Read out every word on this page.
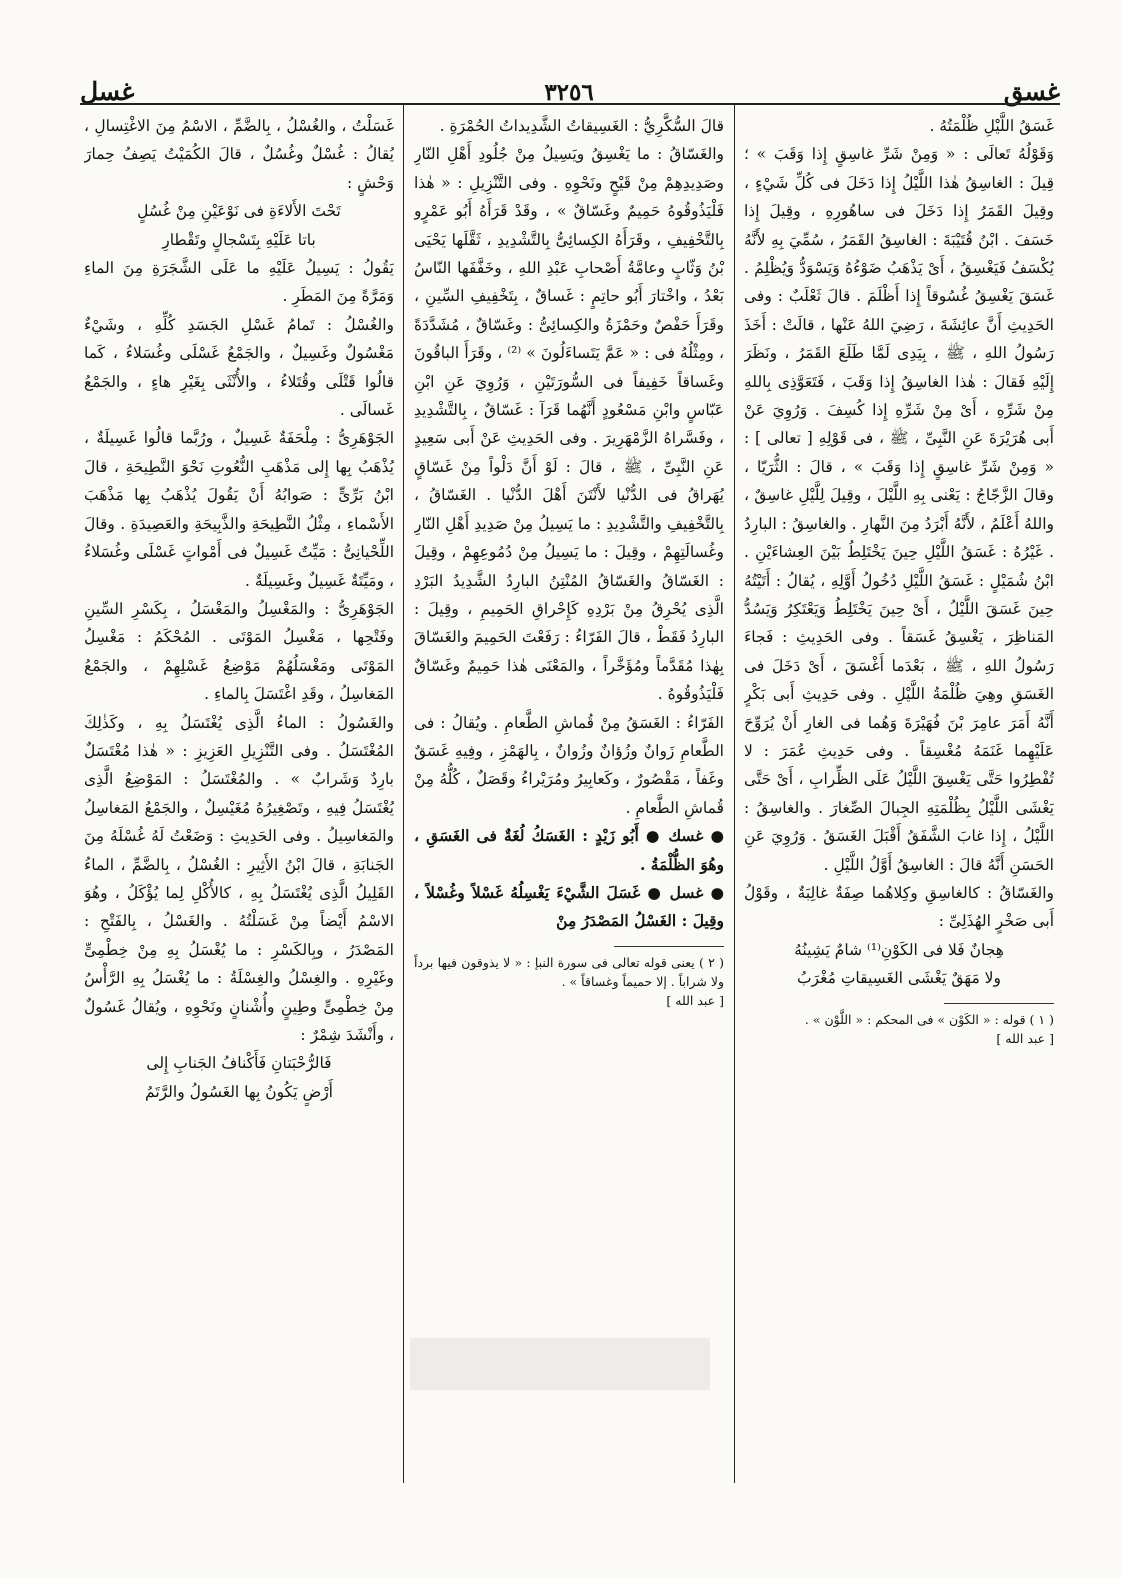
غسل	٣٢٥٦	غسق

غَسَقُ اللَّيْلِ ظُلْمَتُهُ .

وَقَوْلُهُ تَعالَى : « وَمِنْ شَرِّ غاسِقٍ إِذا وَقَبَ » ؛ قِيلَ : الغاسِقُ هٰذا اللَّيْلُ إِذا دَخَلَ فى كُلِّ شَيْءٍ ، وقِيلَ القَمَرُ إِذا دَخَلَ فى ساهُورِهِ ، وقِيلَ إِذا خَسَفَ . ابْنُ قُتَيْبَةَ : الغاسِقُ القَمَرُ ، سُمِّيَ بِهِ لأَنَّهُ يُكْسَفُ فَيَغْسِقُ ، أَىْ يَذْهَبُ ضَوْءُهُ وَيَسْوَدُّ وَيُظْلِمُ . غَسَقَ يَغْسِقُ غُسُوقاً إِذا أَظْلَمَ . قالَ ثَعْلَبٌ : وفى الحَدِيثِ أَنَّ عائِشَةَ ، رَضِيَ اللهُ عَنْها ، قالَتْ : أَخَذَ رَسُولُ اللهِ ، ﷺ ، بِيَدِى لَمَّا طَلَعَ القَمَرُ ، ونَظَرَ إِلَيْهِ فَقالَ : هٰذا الغاسِقُ إِذا وَقَبَ ، فَتَعَوَّذِى بِاللهِ مِنْ شَرِّهِ ، أَىْ مِنْ شَرِّهِ إِذا كُسِفَ . وَرُوِيَ عَنْ أَبى هُرَيْرَةَ عَنِ النَّبِىِّ ، ﷺ ، فى قَوْلِهِ [ تعالى ] : « وَمِنْ شَرِّ غاسِقٍ إِذا وَقَبَ » ، قالَ : الثُّرَيّا ، وقالَ الزَّجّاجُ : يَعْنى بِهِ اللَّيْلَ ، وقِيلَ لِلَّيْلِ غاسِقٌ ، واللهُ أَعْلَمُ ، لأَنَّهُ أَبْرَدُ مِنَ النَّهارِ . والغاسِقُ : البارِدُ . غَيْرُهُ : غَسَقُ اللَّيْلِ حِينَ يَخْتَلِطُ بَيْنَ العِشاءَيْنِ . ابْنُ شُمَيْلٍ : غَسَقُ اللَّيْلِ دُخُولُ أَوَّلِهِ ، يُقالُ : أَتَيْتُهُ حِينَ غَسَقَ اللَّيْلُ ، أَىْ حِينَ يَخْتَلِطُ وَيَعْتَكِرُ وَيَسُدُّ المَناظِرَ ، يَغْسِقُ غَسَقاً . وفى الحَدِيثِ : فَجاءَ رَسُولُ اللهِ ، ﷺ ، بَعْدَما أَغْسَقَ ، أَىْ دَخَلَ فى الغَسَقِ وهِيَ ظُلْمَةُ اللَّيْلِ . وفى حَدِيثِ أَبى بَكْرٍ أَنَّهُ أَمَرَ عامِرَ بْنَ فُهَيْرَةَ وَهُما فى الغارِ أَنْ يُرَوِّحَ عَلَيْهِما غَنَمَهُ مُغْسِقاً . وفى حَدِيثِ عُمَرَ : لا تُفْطِرُوا حَتَّى يَغْسِقَ اللَّيْلُ عَلَى الظِّرابِ ، أَىْ حَتَّى يَغْشَى اللَّيْلُ بِظُلْمَتِهِ الجِبالَ الصِّغارَ . والغاسِقُ : اللَّيْلُ ، إِذا غابَ الشَّفَقُ أَقْبَلَ الغَسَقُ . وَرُوِيَ عَنِ الحَسَنِ أَنَّهُ قالَ : الغاسِقُ أَوَّلُ اللَّيْلِ .

والغَسّاقُ : كالغاسِقِ وكِلاهُما صِفَةٌ غالِبَةٌ ، وقَوْلُ أَبى صَخْرٍ الهُذَلِىِّ :

هِجانٌ فَلا فى الكَوْنِ⁽¹⁾ شامٌ يَشِينُهُ

ولا مَهَقٌ يَغْشَى الغَسِيقاتِ مُغْرَبُ

( ١ ) قوله : « الكَوْن » فى المحكم : « اللَّوْن » .

[ عبد الله ]

قالَ السُّكَّرِيُّ : الغَسِيقاتُ الشَّدِيداتُ الحُمْرَةِ .

والغَسّاقُ : ما يَغْسِقُ ويَسِيلُ مِنْ جُلُودِ أَهْلِ النّارِ وصَدِيدِهِمْ مِنْ قَيْحٍ ونَحْوِهِ . وفى التَّنْزِيلِ : « هٰذا فَلْيَذُوقُوهُ حَمِيمٌ وغَسّاقٌ » ، وقَدْ قَرَأَهُ أَبُو عَمْرٍو بِالتَّخْفِيفِ ، وقَرَأَهُ الكِسائِىُّ بِالتَّشْدِيدِ ، ثَقَّلَها يَحْيَى بْنُ وَثّابٍ وعامَّةُ أَصْحابِ عَبْدِ اللهِ ، وخَفَّفَها النّاسُ بَعْدُ ، واخْتارَ أَبُو حاتِمٍ : غَساقٌ ، بِتَخْفِيفِ السِّينِ ، وقَرَأَ حَفْصٌ وحَمْزَةُ والكِسائِىُّ : وغَسّاقٌ ، مُشَدَّدَةً ، ومِثْلُهُ فى : « عَمَّ يَتَساءَلُونَ » ⁽²⁾ ، وقَرَأَ الباقُونَ وغَساقاً خَفِيفاً فى السُّورَتَيْنِ ، وَرُوِيَ عَنِ ابْنِ عَبّاسٍ وابْنِ مَسْعُودٍ أَنَّهُما قَرَآ : غَسّاقٌ ، بِالتَّشْدِيدِ ، وفَسَّراهُ الزَّمْهَرِيرَ . وفى الحَدِيثِ عَنْ أَبى سَعِيدٍ عَنِ النَّبِىِّ ، ﷺ ، قالَ : لَوْ أَنَّ دَلْواً مِنْ غَسّاقٍ يُهَراقُ فى الدُّنْيا لأَنْتَنَ أَهْلَ الدُّنْيا . الغَسّاقُ ، بِالتَّخْفِيفِ والتَّشْدِيدِ : ما يَسِيلُ مِنْ صَدِيدِ أَهْلِ النّارِ وغُسالَتِهِمْ ، وقِيلَ : ما يَسِيلُ مِنْ دُمُوعِهِمْ ، وقِيلَ : الغَسّاقُ والغَسّاقُ المُنْتِنُ البارِدُ الشَّدِيدُ البَرْدِ الَّذِى يُحْرِقُ مِنْ بَرْدِهِ كَإِحْراقِ الحَمِيمِ ، وقِيلَ : البارِدُ فَقَطْ ، قالَ الفَرّاءُ : رَفَعْتَ الحَمِيمَ والغَسّاقَ بِهٰذا مُقَدَّماً ومُؤَخَّراً ، والمَعْنَى هٰذا حَمِيمٌ وغَسّاقٌ فَلْيَذُوقُوهُ .

الفَرّاءُ : الغَسَقُ مِنْ قُماشِ الطَّعامِ . ويُقالُ : فى الطَّعامِ زَوانٌ وزُؤانٌ وزُوانٌ ، بِالهَمْزِ ، وفِيهِ غَسَقٌ وغَفاً ، مَقْصُورٌ ، وكَعابِيرُ ومُرَيْراءُ وقَصَلٌ ، كُلُّهُ مِنْ قُماشِ الطَّعامِ .

● غسك ● أَبُو زَيْدٍ : الغَسَكُ لُغَةٌ فى الغَسَقِ ، وهُوَ الظُّلْمَةُ .

● غسل ● غَسَلَ الشَّيْءَ يَغْسِلُهُ غَسْلاً وغُسْلاً ، وقِيلَ : الغَسْلُ المَصْدَرُ مِنْ

( ٢ ) يعنى قوله تعالى فى سورة النبإ : « لا يذوقون فيها برداً ولا شراباً . إلا حميماً وغساقاً » .

[ عبد الله ]

غَسَلْتُ ، والغُسْلُ ، بِالضَّمِّ ، الاسْمُ مِنَ الاغْتِسالِ ، يُقالُ : غُسْلٌ وغُسُلٌ ، قالَ الكُمَيْتُ يَصِفُ حِمارَ وَحْشٍ :

تَحْتَ الأَلاءَةِ فى نَوْعَيْنِ مِنْ غُسُلٍ

باتا عَلَيْهِ بِتَسْجالٍ وتَقْطارِ

يَقُولُ : يَسِيلُ عَلَيْهِ ما عَلَى الشَّجَرَةِ مِنَ الماءِ وَمَرَّةً مِنَ المَطَرِ .

والغُسْلُ : تَمامُ غَسْلِ الجَسَدِ كُلِّهِ ، وشَيْءٌ مَغْسُولٌ وغَسِيلٌ ، والجَمْعُ غَسْلَى وغُسَلاءُ ، كَما قالُوا قَتْلَى وقُتَلاءُ ، والأُنْثَى بِغَيْرِ هاءٍ ، والجَمْعُ غَسالَى .

الجَوْهَرِىُّ : مِلْحَفَةٌ غَسِيلٌ ، ورُبَّما قالُوا غَسِيلَةٌ ، يُذْهَبُ بِها إِلى مَذْهَبِ النُّعُوتِ نَحْوَ النَّطِيحَةِ ، قالَ ابْنُ بَرِّىٍّ : صَوابُهُ أَنْ يَقُولَ يُذْهَبُ بِها مَذْهَبَ الأَسْماءِ ، مِثْلُ النَّطِيحَةِ والذَّبِيحَةِ والعَصِيدَةِ . وقالَ اللِّحْيانِىُّ : مَيِّتٌ غَسِيلٌ فى أَمْواتٍ غَسْلَى وغُسَلاءُ ، ومَيِّتَةٌ غَسِيلٌ وغَسِيلَةٌ .

الجَوْهَرِىُّ : والمَغْسِلُ والمَغْسَلُ ، بِكَسْرِ السِّينِ وفَتْحِها ، مَغْسِلُ المَوْتَى . المُحْكَمُ : مَغْسِلُ المَوْتَى ومَغْسَلُهُمْ مَوْضِعُ غَسْلِهِمْ ، والجَمْعُ المَغاسِلُ ، وقَدِ اغْتَسَلَ بِالماءِ .

والغَسُولُ : الماءُ الَّذِى يُغْتَسَلُ بِهِ ، وكَذٰلِكَ المُغْتَسَلُ . وفى التَّنْزِيلِ العَزِيزِ : « هٰذا مُغْتَسَلٌ بارِدٌ وَشَرابٌ » . والمُغْتَسَلُ : المَوْضِعُ الَّذِى يُغْتَسَلُ فِيهِ ، وتَصْغِيرُهُ مُغَيْسِلٌ ، والجَمْعُ المَغاسِلُ والمَغاسِيلُ . وفى الحَدِيثِ : وَضَعْتُ لَهُ غُسْلَهُ مِنَ الجَنابَةِ ، قالَ ابْنُ الأَثِيرِ : الغُسْلُ ، بِالضَّمِّ ، الماءُ القَلِيلُ الَّذِى يُغْتَسَلُ بِهِ ، كالأُكْلِ لِما يُؤْكَلُ ، وهُوَ الاسْمُ أَيْضاً مِنْ غَسَلْتُهُ . والغَسْلُ ، بِالفَتْحِ : المَصْدَرُ ، وبِالكَسْرِ : ما يُغْسَلُ بِهِ مِنْ خِطْمِىٍّ وغَيْرِهِ . والغِسْلُ والغِسْلَةُ : ما يُغْسَلُ بِهِ الرَّأْسُ مِنْ خِطْمِىٍّ وطِينٍ وأُشْنانٍ ونَحْوِهِ ، ويُقالُ غَسُولٌ ، وأَنْشَدَ شِمْرٌ :

فَالرُّحْبَتانِ فَأَكْنافُ الجَنابِ إِلى

أَرْضٍ يَكُونُ بِها الغَسُولُ والرَّتَمُ
